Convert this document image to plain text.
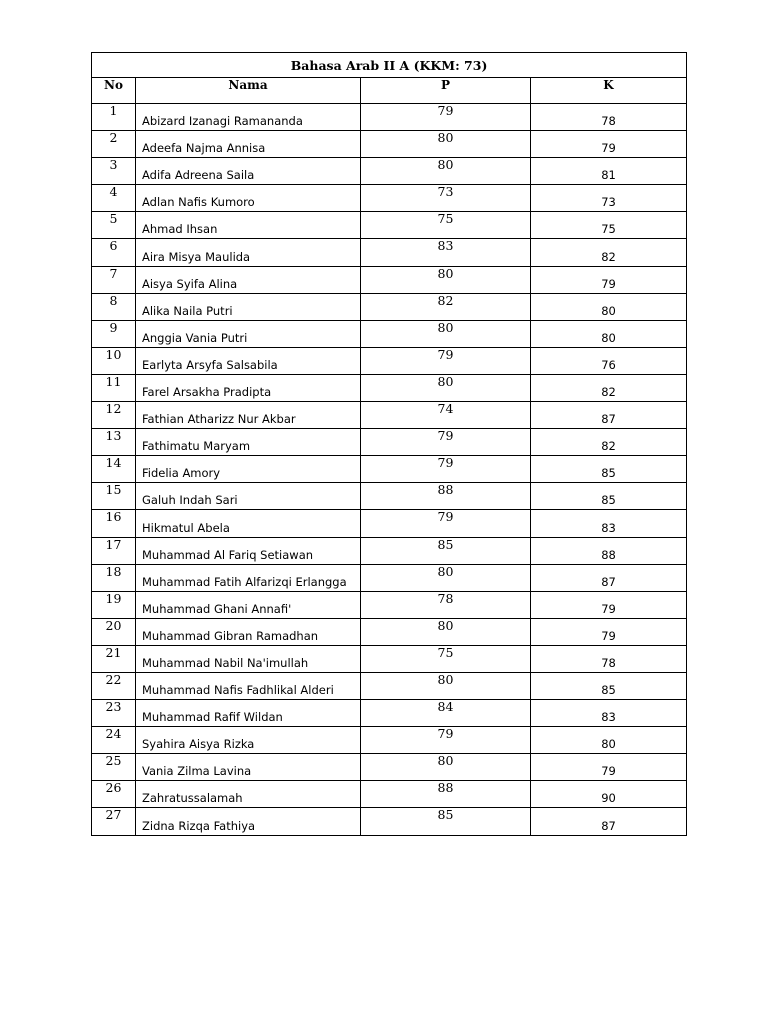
Bahasa Arab II A (KKM: 73)			
No	Nama	P	K
1	Abizard Izanagi Ramananda	79	78
2	Adeefa Najma Annisa	80	79
3	Adifa Adreena Saila	80	81
4	Adlan Nafis Kumoro	73	73
5	Ahmad Ihsan	75	75
6	Aira Misya Maulida	83	82
7	Aisya Syifa Alina	80	79
8	Alika Naila Putri	82	80
9	Anggia Vania Putri	80	80
10	Earlyta Arsyfa Salsabila	79	76
11	Farel Arsakha Pradipta	80	82
12	Fathian Atharizz Nur Akbar	74	87
13	Fathimatu Maryam	79	82
14	Fidelia Amory	79	85
15	Galuh Indah Sari	88	85
16	Hikmatul Abela	79	83
17	Muhammad Al Fariq Setiawan	85	88
18	Muhammad Fatih Alfarizqi Erlangga	80	87
19	Muhammad Ghani Annafi'	78	79
20	Muhammad Gibran Ramadhan	80	79
21	Muhammad Nabil Na'imullah	75	78
22	Muhammad Nafis Fadhlikal Alderi	80	85
23	Muhammad Rafif Wildan	84	83
24	Syahira Aisya Rizka	79	80
25	Vania Zilma Lavina	80	79
26	Zahratussalamah	88	90
27	Zidna Rizqa Fathiya	85	87
